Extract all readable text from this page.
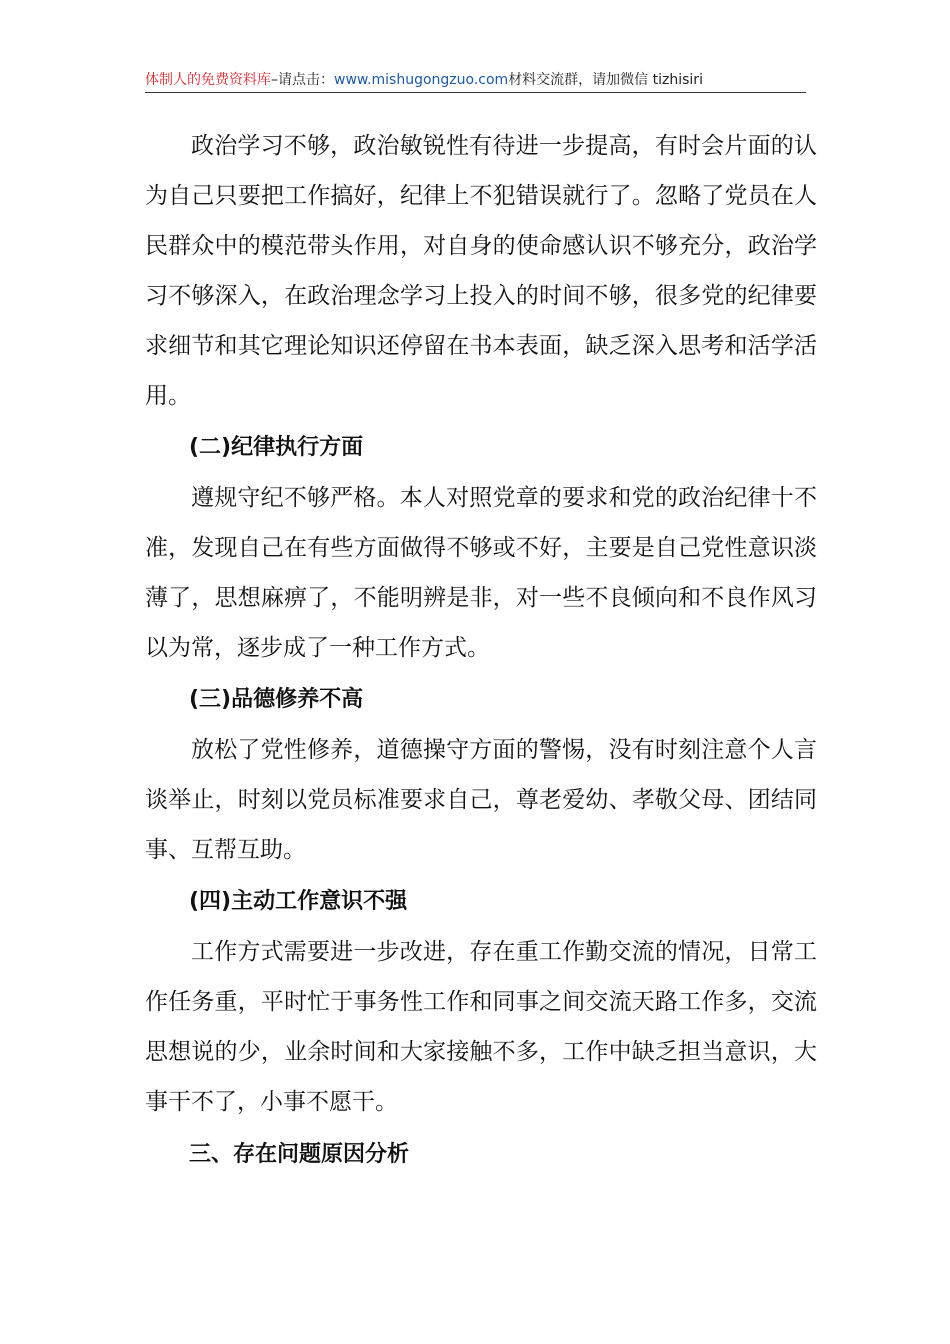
体制人的免费资料库–请点击：www.mishugongzuo.com材料交流群，请加微信 tizhisiri

政治学习不够，政治敏锐性有待进一步提高，有时会片面的认为自己只要把工作搞好，纪律上不犯错误就行了。忽略了党员在人民群众中的模范带头作用，对自身的使命感认识不够充分，政治学习不够深入，在政治理念学习上投入的时间不够，很多党的纪律要求细节和其它理论知识还停留在书本表面，缺乏深入思考和活学活用。

(二)纪律执行方面

遵规守纪不够严格。本人对照党章的要求和党的政治纪律十不准，发现自己在有些方面做得不够或不好，主要是自己党性意识淡薄了，思想麻痹了，不能明辨是非，对一些不良倾向和不良作风习以为常，逐步成了一种工作方式。

(三)品德修养不高

放松了党性修养，道德操守方面的警惕，没有时刻注意个人言谈举止，时刻以党员标准要求自己，尊老爱幼、孝敬父母、团结同事、互帮互助。

(四)主动工作意识不强

工作方式需要进一步改进，存在重工作勤交流的情况，日常工作任务重，平时忙于事务性工作和同事之间交流天路工作多，交流思想说的少，业余时间和大家接触不多，工作中缺乏担当意识，大事干不了，小事不愿干。

三、存在问题原因分析
